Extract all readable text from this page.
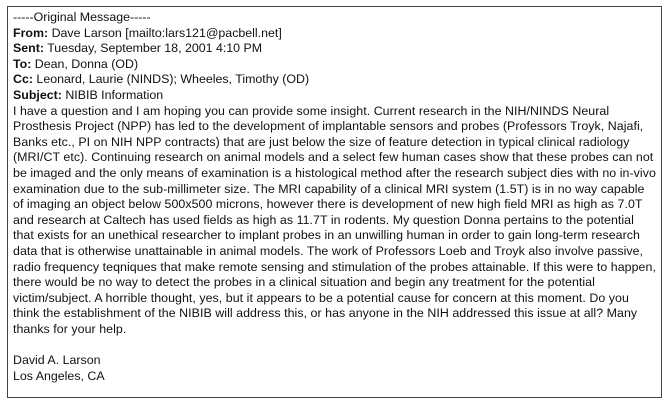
-----Original Message-----
From: Dave Larson [mailto:lars121@pacbell.net]
Sent: Tuesday, September 18, 2001 4:10 PM
To: Dean, Donna (OD)
Cc: Leonard, Laurie (NINDS); Wheeles, Timothy (OD)
Subject: NIBIB Information

I have a question and I am hoping you can provide some insight. Current research in the NIH/NINDS Neural Prosthesis Project (NPP) has led to the development of implantable sensors and probes (Professors Troyk, Najafi, Banks etc., PI on NIH NPP contracts) that are just below the size of feature detection in typical clinical radiology (MRI/CT etc). Continuing research on animal models and a select few human cases show that these probes can not be imaged and the only means of examination is a histological method after the research subject dies with no in-vivo examination due to the sub-millimeter size. The MRI capability of a clinical MRI system (1.5T) is in no way capable of imaging an object below 500x500 microns, however there is development of new high field MRI as high as 7.0T and research at Caltech has used fields as high as 11.7T in rodents. My question Donna pertains to the potential that exists for an unethical researcher to implant probes in an unwilling human in order to gain long-term research data that is otherwise unattainable in animal models. The work of Professors Loeb and Troyk also involve passive, radio frequency teqniques that make remote sensing and stimulation of the probes attainable. If this were to happen, there would be no way to detect the probes in a clinical situation and begin any treatment for the potential victim/subject. A horrible thought, yes, but it appears to be a potential cause for concern at this moment. Do you think the establishment of the NIBIB will address this, or has anyone in the NIH addressed this issue at all? Many thanks for your help.

David A. Larson
Los Angeles, CA
